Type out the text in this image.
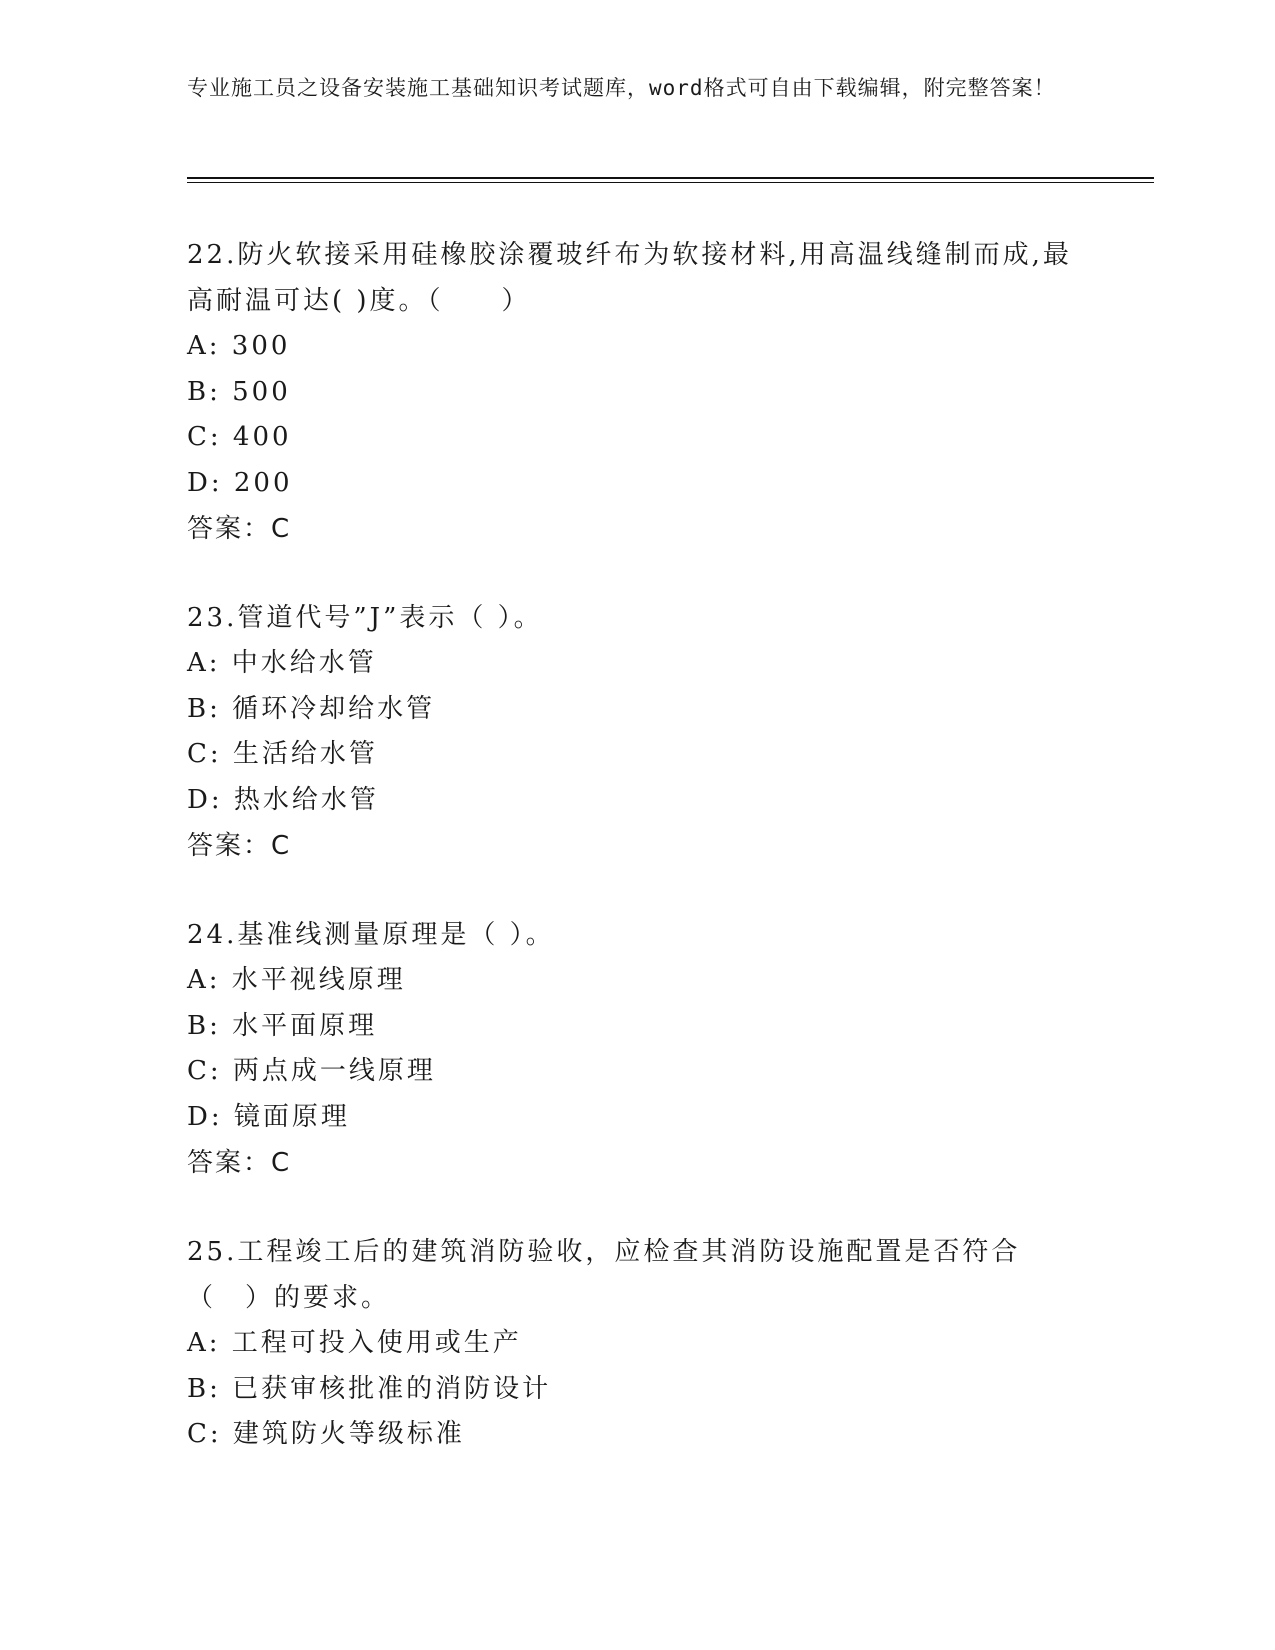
专业施工员之设备安装施工基础知识考试题库，word格式可自由下载编辑，附完整答案！

22.防火软接采用硅橡胶涂覆玻纤布为软接材料,用高温线缝制而成,最高耐温可达( )度。（　　）

A: 300

B: 500

C: 400

D: 200

答案：C

23.管道代号”J”表示（ ）。

A: 中水给水管

B: 循环冷却给水管

C: 生活给水管

D: 热水给水管

答案：C

24.基准线测量原理是（ ）。

A: 水平视线原理

B: 水平面原理

C: 两点成一线原理

D: 镜面原理

答案：C

25.工程竣工后的建筑消防验收，应检查其消防设施配置是否符合（　）的要求。

A: 工程可投入使用或生产

B: 已获审核批准的消防设计

C: 建筑防火等级标准
